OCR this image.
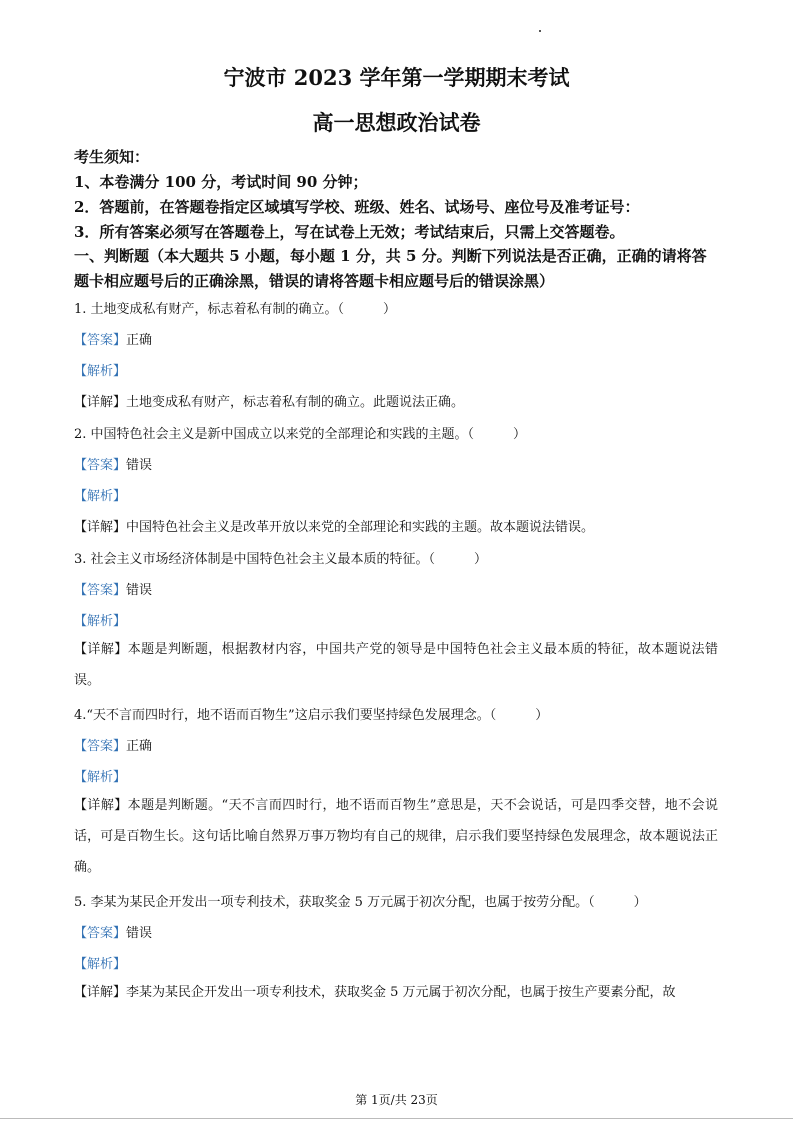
宁波市 2023 学年第一学期期末考试
高一思想政治试卷
考生须知：
1、本卷满分 100 分，考试时间 90 分钟；
2．答题前，在答题卷指定区域填写学校、班级、姓名、试场号、座位号及准考证号：
3．所有答案必须写在答题卷上，写在试卷上无效；考试结束后，只需上交答题卷。
一、判断题（本大题共 5 小题，每小题 1 分，共 5 分。判断下列说法是否正确，正确的请将答题卡相应题号后的正确涂黑，错误的请将答题卡相应题号后的错误涂黑）
1. 土地变成私有财产，标志着私有制的确立。（　　　）
【答案】正确
【解析】
【详解】土地变成私有财产，标志着私有制的确立。此题说法正确。
2. 中国特色社会主义是新中国成立以来党的全部理论和实践的主题。（　　　）
【答案】错误
【解析】
【详解】中国特色社会主义是改革开放以来党的全部理论和实践的主题。故本题说法错误。
3. 社会主义市场经济体制是中国特色社会主义最本质的特征。（　　　）
【答案】错误
【解析】
【详解】本题是判断题，根据教材内容，中国共产党的领导是中国特色社会主义最本质的特征，故本题说法错误。
4.“天不言而四时行，地不语而百物生”这启示我们要坚持绿色发展理念。（　　　）
【答案】正确
【解析】
【详解】本题是判断题。“天不言而四时行，地不语而百物生”意思是，天不会说话，可是四季交替，地不会说话，可是百物生长。这句话比喻自然界万事万物均有自己的规律，启示我们要坚持绿色发展理念，故本题说法正确。
5. 李某为某民企开发出一项专利技术，获取奖金 5 万元属于初次分配，也属于按劳分配。（　　　）
【答案】错误
【解析】
【详解】李某为某民企开发出一项专利技术，获取奖金 5 万元属于初次分配，也属于按生产要素分配，故
第 1页/共 23页
